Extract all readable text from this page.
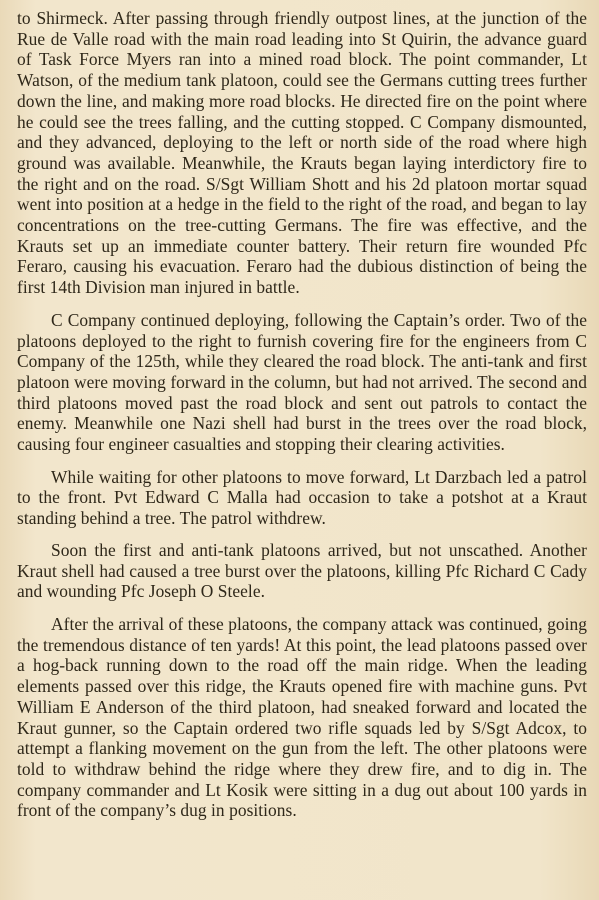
to Shirmeck. After passing through friendly outpost lines, at the junction of the Rue de Valle road with the main road leading into St Quirin, the advance guard of Task Force Myers ran into a mined road block. The point commander, Lt Watson, of the medium tank platoon, could see the Germans cutting trees further down the line, and making more road blocks. He directed fire on the point where he could see the trees falling, and the cutting stopped. C Company dismounted, and they advanced, deploying to the left or north side of the road where high ground was available. Meanwhile, the Krauts began laying interdictory fire to the right and on the road. S/Sgt William Shott and his 2d platoon mortar squad went into position at a hedge in the field to the right of the road, and began to lay concentrations on the tree-cutting Germans. The fire was effective, and the Krauts set up an immediate counter battery. Their return fire wounded Pfc Feraro, causing his evacuation. Feraro had the dubious distinction of being the first 14th Division man injured in battle.

C Company continued deploying, following the Captain’s order. Two of the platoons deployed to the right to furnish covering fire for the engineers from C Company of the 125th, while they cleared the road block. The anti-tank and first platoon were moving forward in the column, but had not arrived. The second and third platoons moved past the road block and sent out patrols to contact the enemy. Meanwhile one Nazi shell had burst in the trees over the road block, causing four engineer casualties and stopping their clearing activities.

While waiting for other platoons to move forward, Lt Darzbach led a patrol to the front. Pvt Edward C Malla had occasion to take a potshot at a Kraut standing behind a tree. The patrol withdrew.

Soon the first and anti-tank platoons arrived, but not unscathed. Another Kraut shell had caused a tree burst over the platoons, killing Pfc Richard C Cady and wounding Pfc Joseph O Steele.

After the arrival of these platoons, the company attack was continued, going the tremendous distance of ten yards! At this point, the lead platoons passed over a hog-back running down to the road off the main ridge. When the leading elements passed over this ridge, the Krauts opened fire with machine guns. Pvt William E Anderson of the third platoon, had sneaked forward and located the Kraut gunner, so the Captain ordered two rifle squads led by S/Sgt Adcox, to attempt a flanking movement on the gun from the left. The other platoons were told to withdraw behind the ridge where they drew fire, and to dig in. The company commander and Lt Kosik were sitting in a dug out about 100 yards in front of the company’s dug in positions.
